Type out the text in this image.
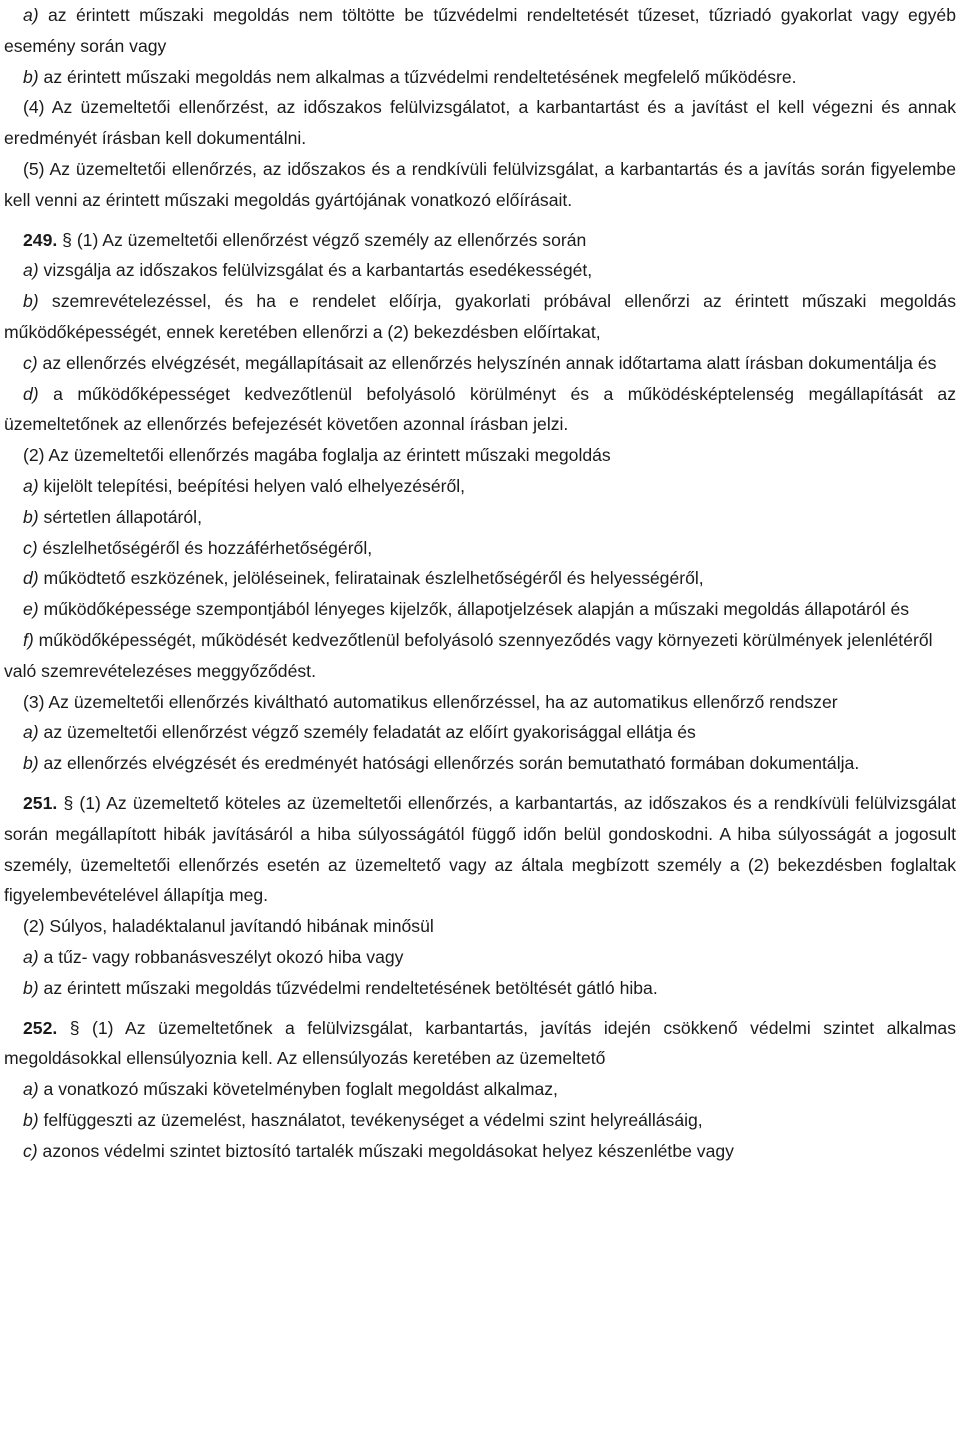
a) az érintett műszaki megoldás nem töltötte be tűzvédelmi rendeltetését tűzeset, tűzriadó gyakorlat vagy egyéb esemény során vagy

b) az érintett műszaki megoldás nem alkalmas a tűzvédelmi rendeltetésének megfelelő működésre.

(4) Az üzemeltetői ellenőrzést, az időszakos felülvizsgálatot, a karbantartást és a javítást el kell végezni és annak eredményét írásban kell dokumentálni.

(5) Az üzemeltetői ellenőrzés, az időszakos és a rendkívüli felülvizsgálat, a karbantartás és a javítás során figyelembe kell venni az érintett műszaki megoldás gyártójának vonatkozó előírásait.

249. § (1) Az üzemeltetői ellenőrzést végző személy az ellenőrzés során

a) vizsgálja az időszakos felülvizsgálat és a karbantartás esedékességét,

b) szemrevételezéssel, és ha e rendelet előírja, gyakorlati próbával ellenőrzi az érintett műszaki megoldás működőképességét, ennek keretében ellenőrzi a (2) bekezdésben előírtakat,

c) az ellenőrzés elvégzését, megállapításait az ellenőrzés helyszínén annak időtartama alatt írásban dokumentálja és

d) a működőképességet kedvezőtlenül befolyásoló körülményt és a működésképtelenség megállapítását az üzemeltetőnek az ellenőrzés befejezését követően azonnal írásban jelzi.

(2) Az üzemeltetői ellenőrzés magába foglalja az érintett műszaki megoldás

a) kijelölt telepítési, beépítési helyen való elhelyezéséről,

b) sértetlen állapotáról,

c) észlelhetőségéről és hozzáférhetőségéről,

d) működtető eszközének, jelöléseinek, feliratainak észlelhetőségéről és helyességéről,

e) működőképessége szempontjából lényeges kijelzők, állapotjelzések alapján a műszaki megoldás állapotáról és

f) működőképességét, működését kedvezőtlenül befolyásoló szennyeződés vagy környezeti körülmények jelenlétéről

való szemrevételezéses meggyőződést.

(3) Az üzemeltetői ellenőrzés kiváltható automatikus ellenőrzéssel, ha az automatikus ellenőrző rendszer

a) az üzemeltetői ellenőrzést végző személy feladatát az előírt gyakorisággal ellátja és

b) az ellenőrzés elvégzését és eredményét hatósági ellenőrzés során bemutatható formában dokumentálja.

251. § (1) Az üzemeltető köteles az üzemeltetői ellenőrzés, a karbantartás, az időszakos és a rendkívüli felülvizsgálat során megállapított hibák javításáról a hiba súlyosságától függő időn belül gondoskodni. A hiba súlyosságát a jogosult személy, üzemeltetői ellenőrzés esetén az üzemeltető vagy az általa megbízott személy a (2) bekezdésben foglaltak figyelembevételével állapítja meg.

(2) Súlyos, haladéktalanul javítandó hibának minősül

a) a tűz- vagy robbanásveszélyt okozó hiba vagy

b) az érintett műszaki megoldás tűzvédelmi rendeltetésének betöltését gátló hiba.

252. § (1) Az üzemeltetőnek a felülvizsgálat, karbantartás, javítás idején csökkenő védelmi szintet alkalmas megoldásokkal ellensúlyoznia kell. Az ellensúlyozás keretében az üzemeltető

a) a vonatkozó műszaki követelményben foglalt megoldást alkalmaz,

b) felfüggeszti az üzemelést, használatot, tevékenységet a védelmi szint helyreállásáig,

c) azonos védelmi szintet biztosító tartalék műszaki megoldásokat helyez készenlétbe vagy
